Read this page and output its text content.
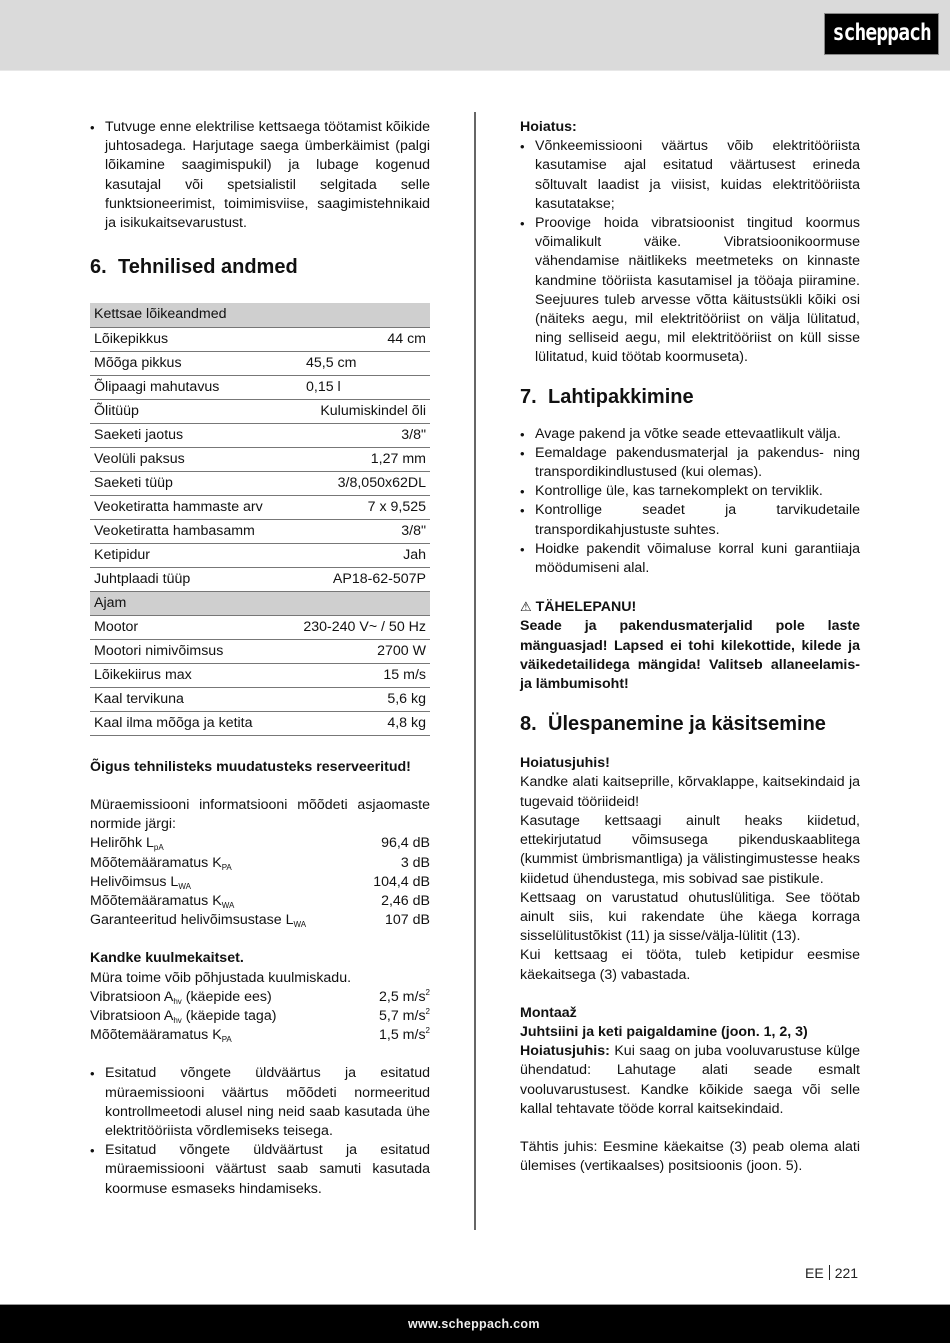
scheppach
• Tutvuge enne elektrilise kettsaega töötamist kõikide juhtosadega. Harjutage saega ümberkäimist (palgi lõikamine saagimispukil) ja lubage kogenud kasutajal või spetsialistil selgitada selle funktsioneerimist, toimimisviise, saagimistehnikaid ja isikukaitsevarustust.
6. Tehnilised andmed
Kettsae lõikeandmed	
Lõikepikkus	44 cm
Mõõga pikkus	45,5 cm
Õlipaagi mahutavus	0,15 l
Õlitüüp	Kulumiskindel õli
Saeketi jaotus	3/8"
Veolüli paksus	1,27 mm
Saeketi tüüp	3/8,050x62DL
Veoketiratta hammaste arv	7 x 9,525
Veoketiratta hambasamm	3/8"
Ketipidur	Jah
Juhtplaadi tüüp	AP18-62-507P
Ajam	
Mootor	230-240 V~ / 50 Hz
Mootori nimivõimsus	2700 W
Lõikekiirus max	15 m/s
Kaal tervikuna	5,6 kg
Kaal ilma mõõga ja ketita	4,8 kg

Õigus tehnilisteks muudatusteks reserveeritud!

Müraemissiooni informatsiooni mõõdeti asjaomaste normide järgi:

Helirõhk $L_{pA}$	96,4 dB
Mõõtemääramatus $K_{PA}$	3 dB
Helivõimsus $L_{WA}$	104,4 dB
Mõõtemääramatus $K_{WA}$	2,46 dB
Garanteeritud helivõimsustase $L_{WA}$	107 dB

Kandke kuulmekaitset.

Müra toime võib põhjustada kuulmiskadu.

Vibratsioon $A_{hv}$ (käepide ees)	2,5 $m/s^2$
Vibratsioon $A_{hv}$ (käepide taga)	5,7 $m/s^2$
Mõõtemääramatus $K_{PA}$	1,5 $m/s^2$
• Esitatud võngete üldväärtus ja esitatud müraemissiooni väärtus mõõdeti normeeritud kontrollmeetodi alusel ning neid saab kasutada ühe elektritööriista võrdlemiseks teisega.
• Esitatud võngete üldväärtust ja esitatud müraemissiooni väärtust saab samuti kasutada koormuse esmaseks hindamiseks.

Hoiatus:

• Võnkeemissiooni väärtus võib elektritööriista kasutamise ajal esitatud väärtusest erineda sõltuvalt laadist ja viisist, kuidas elektritööriista kasutatakse;
• Proovige hoida vibratsioonist tingitud koormus võimalikult väike. Vibratsioonikoormuse vähendamise näitlikeks meetmeteks on kinnaste kandmine tööriista kasutamisel ja tööaja piiramine. Seejuures tuleb arvesse võtta käitustsükli kõiki osi (näiteks aegu, mil elektritööriist on välja lülitatud, ning selliseid aegu, mil elektritööriist on küll sisse lülitatud, kuid töötab koormuseta).
7. Lahtipakkimine
• Avage pakend ja võtke seade ettevaatlikult välja.
• Eemaldage pakendusmaterjal ja pakendus- ning transpordikindlustused (kui olemas).
• Kontrollige üle, kas tarnekomplekt on terviklik.
• Kontrollige seadet ja tarvikudetaile transpordikahjustuste suhtes.
• Hoidke pakendit võimaluse korral kuni garantiiaja möödumiseni alal.

⚠ TÄHELEPANU!

Seade ja pakendusmaterjalid pole laste mänguasjad! Lapsed ei tohi kilekottide, kilede ja väikedetailidega mängida! Valitseb allaneelamis- ja lämbumisoht!

8. Ülespanemine ja käsitsemine

Hoiatusjuhis!

Kandke alati kaitseprille, kõrvaklappe, kaitsekindaid ja tugevaid tööriideid!

Kasutage kettsaagi ainult heaks kiidetud, ettekirjutatud võimsusega pikenduskaablitega (kummist ümbrismantliga) ja välistingimustesse heaks kiidetud ühendustega, mis sobivad sae pistikule.

Kettsaag on varustatud ohutuslülitiga. See töötab ainult siis, kui rakendate ühe käega korraga sisselülitustõkist (11) ja sisse/välja-lülitit (13).

Kui kettsaag ei tööta, tuleb ketipidur eesmise käekaitsega (3) vabastada.

Montaaž

Juhtsiini ja keti paigaldamine (joon. 1, 2, 3)

Hoiatusjuhis: Kui saag on juba vooluvarustuse külge ühendatud: Lahutage alati seade esmalt vooluvarustusest. Kandke kõikide saega või selle kallal tehtavate tööde korral kaitsekindaid.

Tähtis juhis: Eesmine käekaitse (3) peab olema alati ülemises (vertikaalses) positsioonis (joon. 5).

EE 221
www.scheppach.com
